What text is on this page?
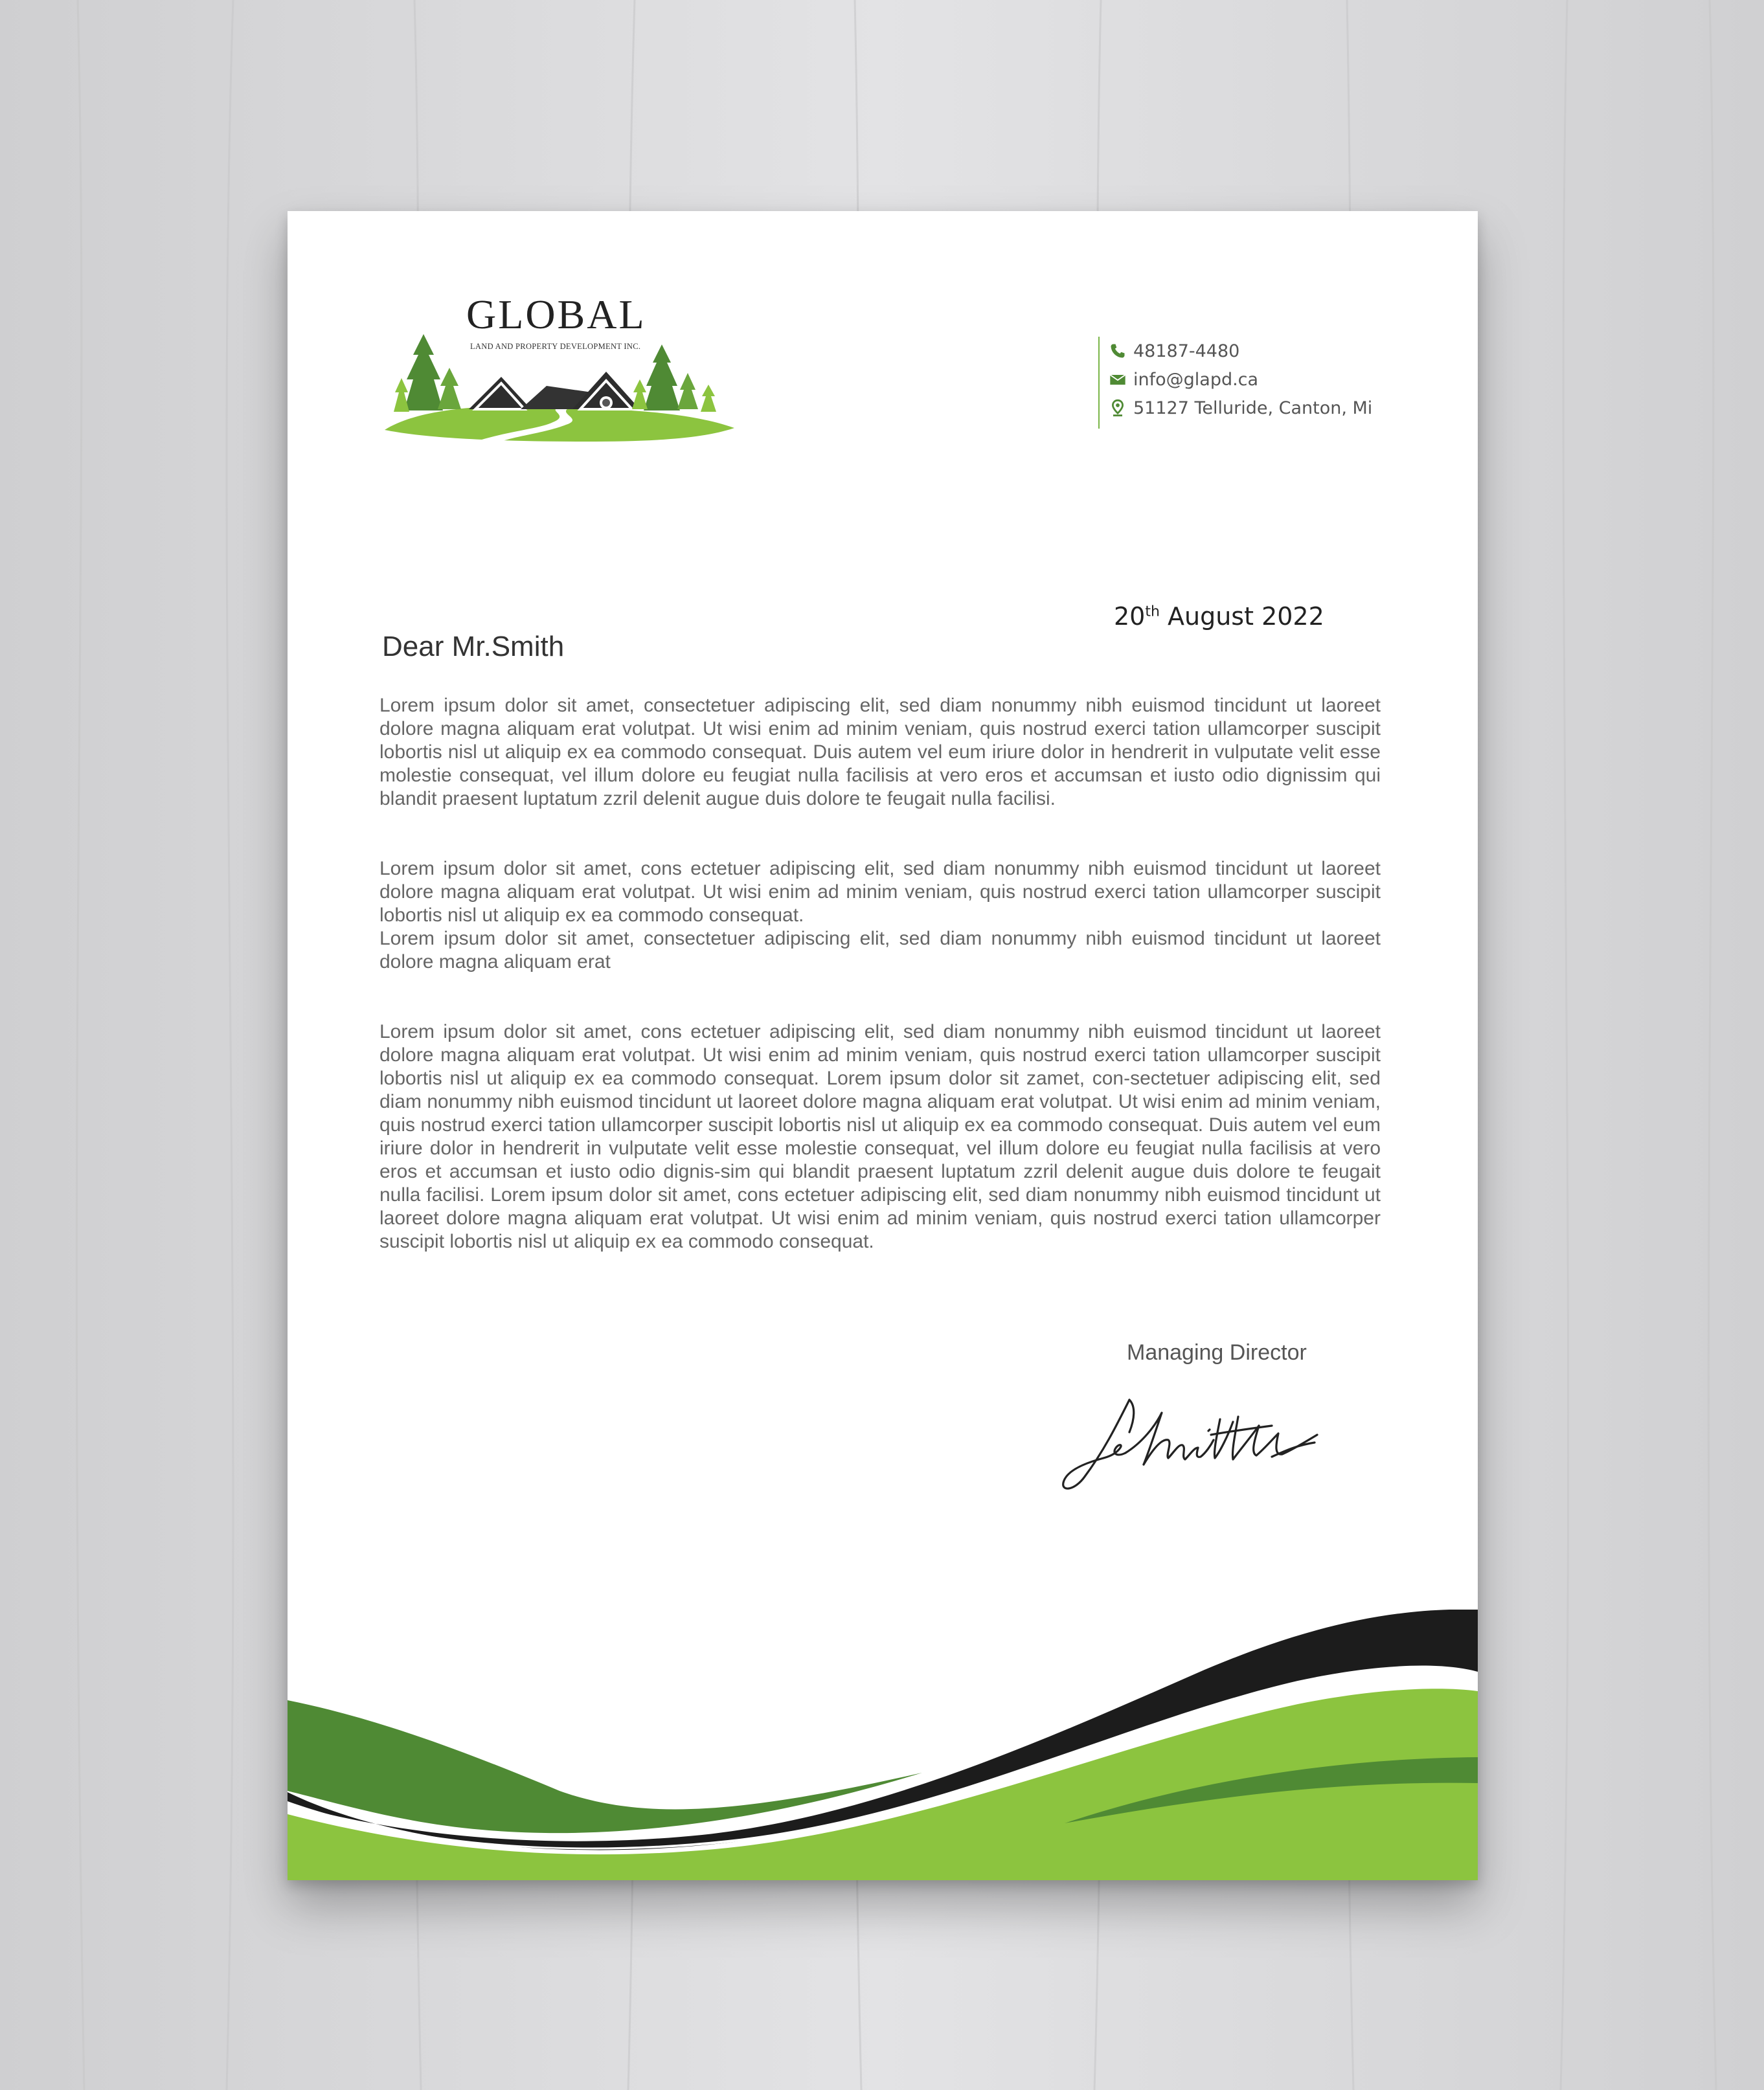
GLOBAL
LAND AND PROPERTY DEVELOPMENT INC.	48187-4480
info@glapd.ca
51127 Telluride, Canton, Mi
20th August 2022
Dear Mr.Smith

Lorem ipsum dolor sit amet, consectetuer adipiscing elit, sed diam nonummy nibh euismod tincidunt ut laoreet dolore magna aliquam erat volutpat. Ut wisi enim ad minim veniam, quis nostrud exerci tation ullamcorper suscipit lobortis nisl ut aliquip ex ea commodo consequat. Duis autem vel eum iriure dolor in hendrerit in vulputate velit esse molestie consequat, vel illum dolore eu feugiat nulla facilisis at vero eros et accumsan et iusto odio dignissim qui blandit praesent luptatum zzril delenit augue duis dolore te feugait nulla facilisi.

Lorem ipsum dolor sit amet, cons ectetuer adipiscing elit, sed diam nonummy nibh euismod tincidunt ut laoreet dolore magna aliquam erat volutpat. Ut wisi enim ad minim veniam, quis nostrud exerci tation ullamcorper suscipit lobortis nisl ut aliquip ex ea commodo consequat.
Lorem ipsum dolor sit amet, consectetuer adipiscing elit, sed diam nonummy nibh euismod tincidunt ut laoreet dolore magna aliquam erat

Lorem ipsum dolor sit amet, cons ectetuer adipiscing elit, sed diam nonummy nibh euismod tincidunt ut laoreet dolore magna aliquam erat volutpat. Ut wisi enim ad minim veniam, quis nostrud exerci tation ullamcorper suscipit lobortis nisl ut aliquip ex ea commodo consequat. Lorem ipsum dolor sit zamet, con-sectetuer adipiscing elit, sed diam nonummy nibh euismod tincidunt ut laoreet dolore magna aliquam erat volutpat. Ut wisi enim ad minim veniam, quis nostrud exerci tation ullamcorper suscipit lobortis nisl ut aliquip ex ea commodo consequat. Duis autem vel eum iriure dolor in hendrerit in vulputate velit esse molestie consequat, vel illum dolore eu feugiat nulla facilisis at vero eros et accumsan et iusto odio dignis-sim qui blandit praesent luptatum zzril delenit augue duis dolore te feugait nulla facilisi. Lorem ipsum dolor sit amet, cons ectetuer adipiscing elit, sed diam nonummy nibh euismod tincidunt ut laoreet dolore magna aliquam erat volutpat. Ut wisi enim ad minim veniam, quis nostrud exerci tation ullamcorper suscipit lobortis nisl ut aliquip ex ea commodo consequat.

Managing Director
